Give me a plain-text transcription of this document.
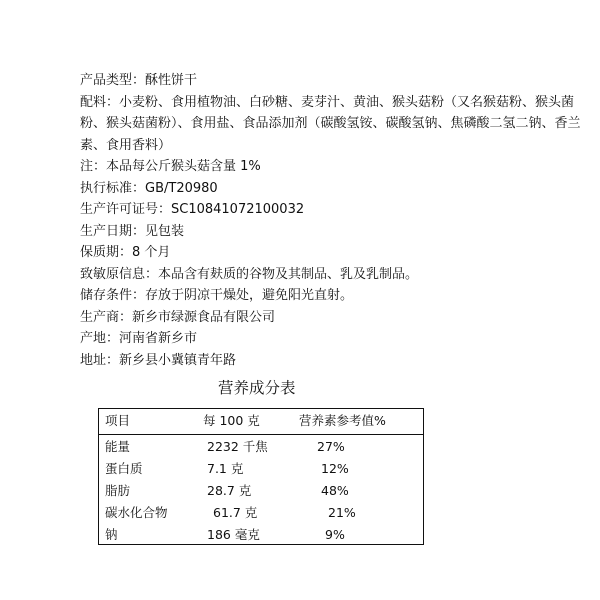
产品类型：酥性饼干
配料：小麦粉、食用植物油、白砂糖、麦芽汁、黄油、猴头菇粉（又名猴菇粉、猴头菌粉、猴头菇菌粉）、食用盐、食品添加剂（碳酸氢铵、碳酸氢钠、焦磷酸二氢二钠、香兰素、食用香料）
注：本品每公斤猴头菇含量 1%
执行标准：GB/T20980
生产许可证号：SC10841072100032
生产日期：见包装
保质期：8 个月
致敏原信息：本品含有麸质的谷物及其制品、乳及乳制品。
储存条件：存放于阴凉干燥处，避免阳光直射。
生产商：新乡市绿源食品有限公司
产地：河南省新乡市
地址：新乡县小冀镇青年路
营养成分表
项目	每 100 克	营养素参考值%
能量	2232 千焦	27%
蛋白质	7.1 克	12%
脂肪	28.7 克	48%
碳水化合物	61.7 克	21%
钠	186 毫克	9%
